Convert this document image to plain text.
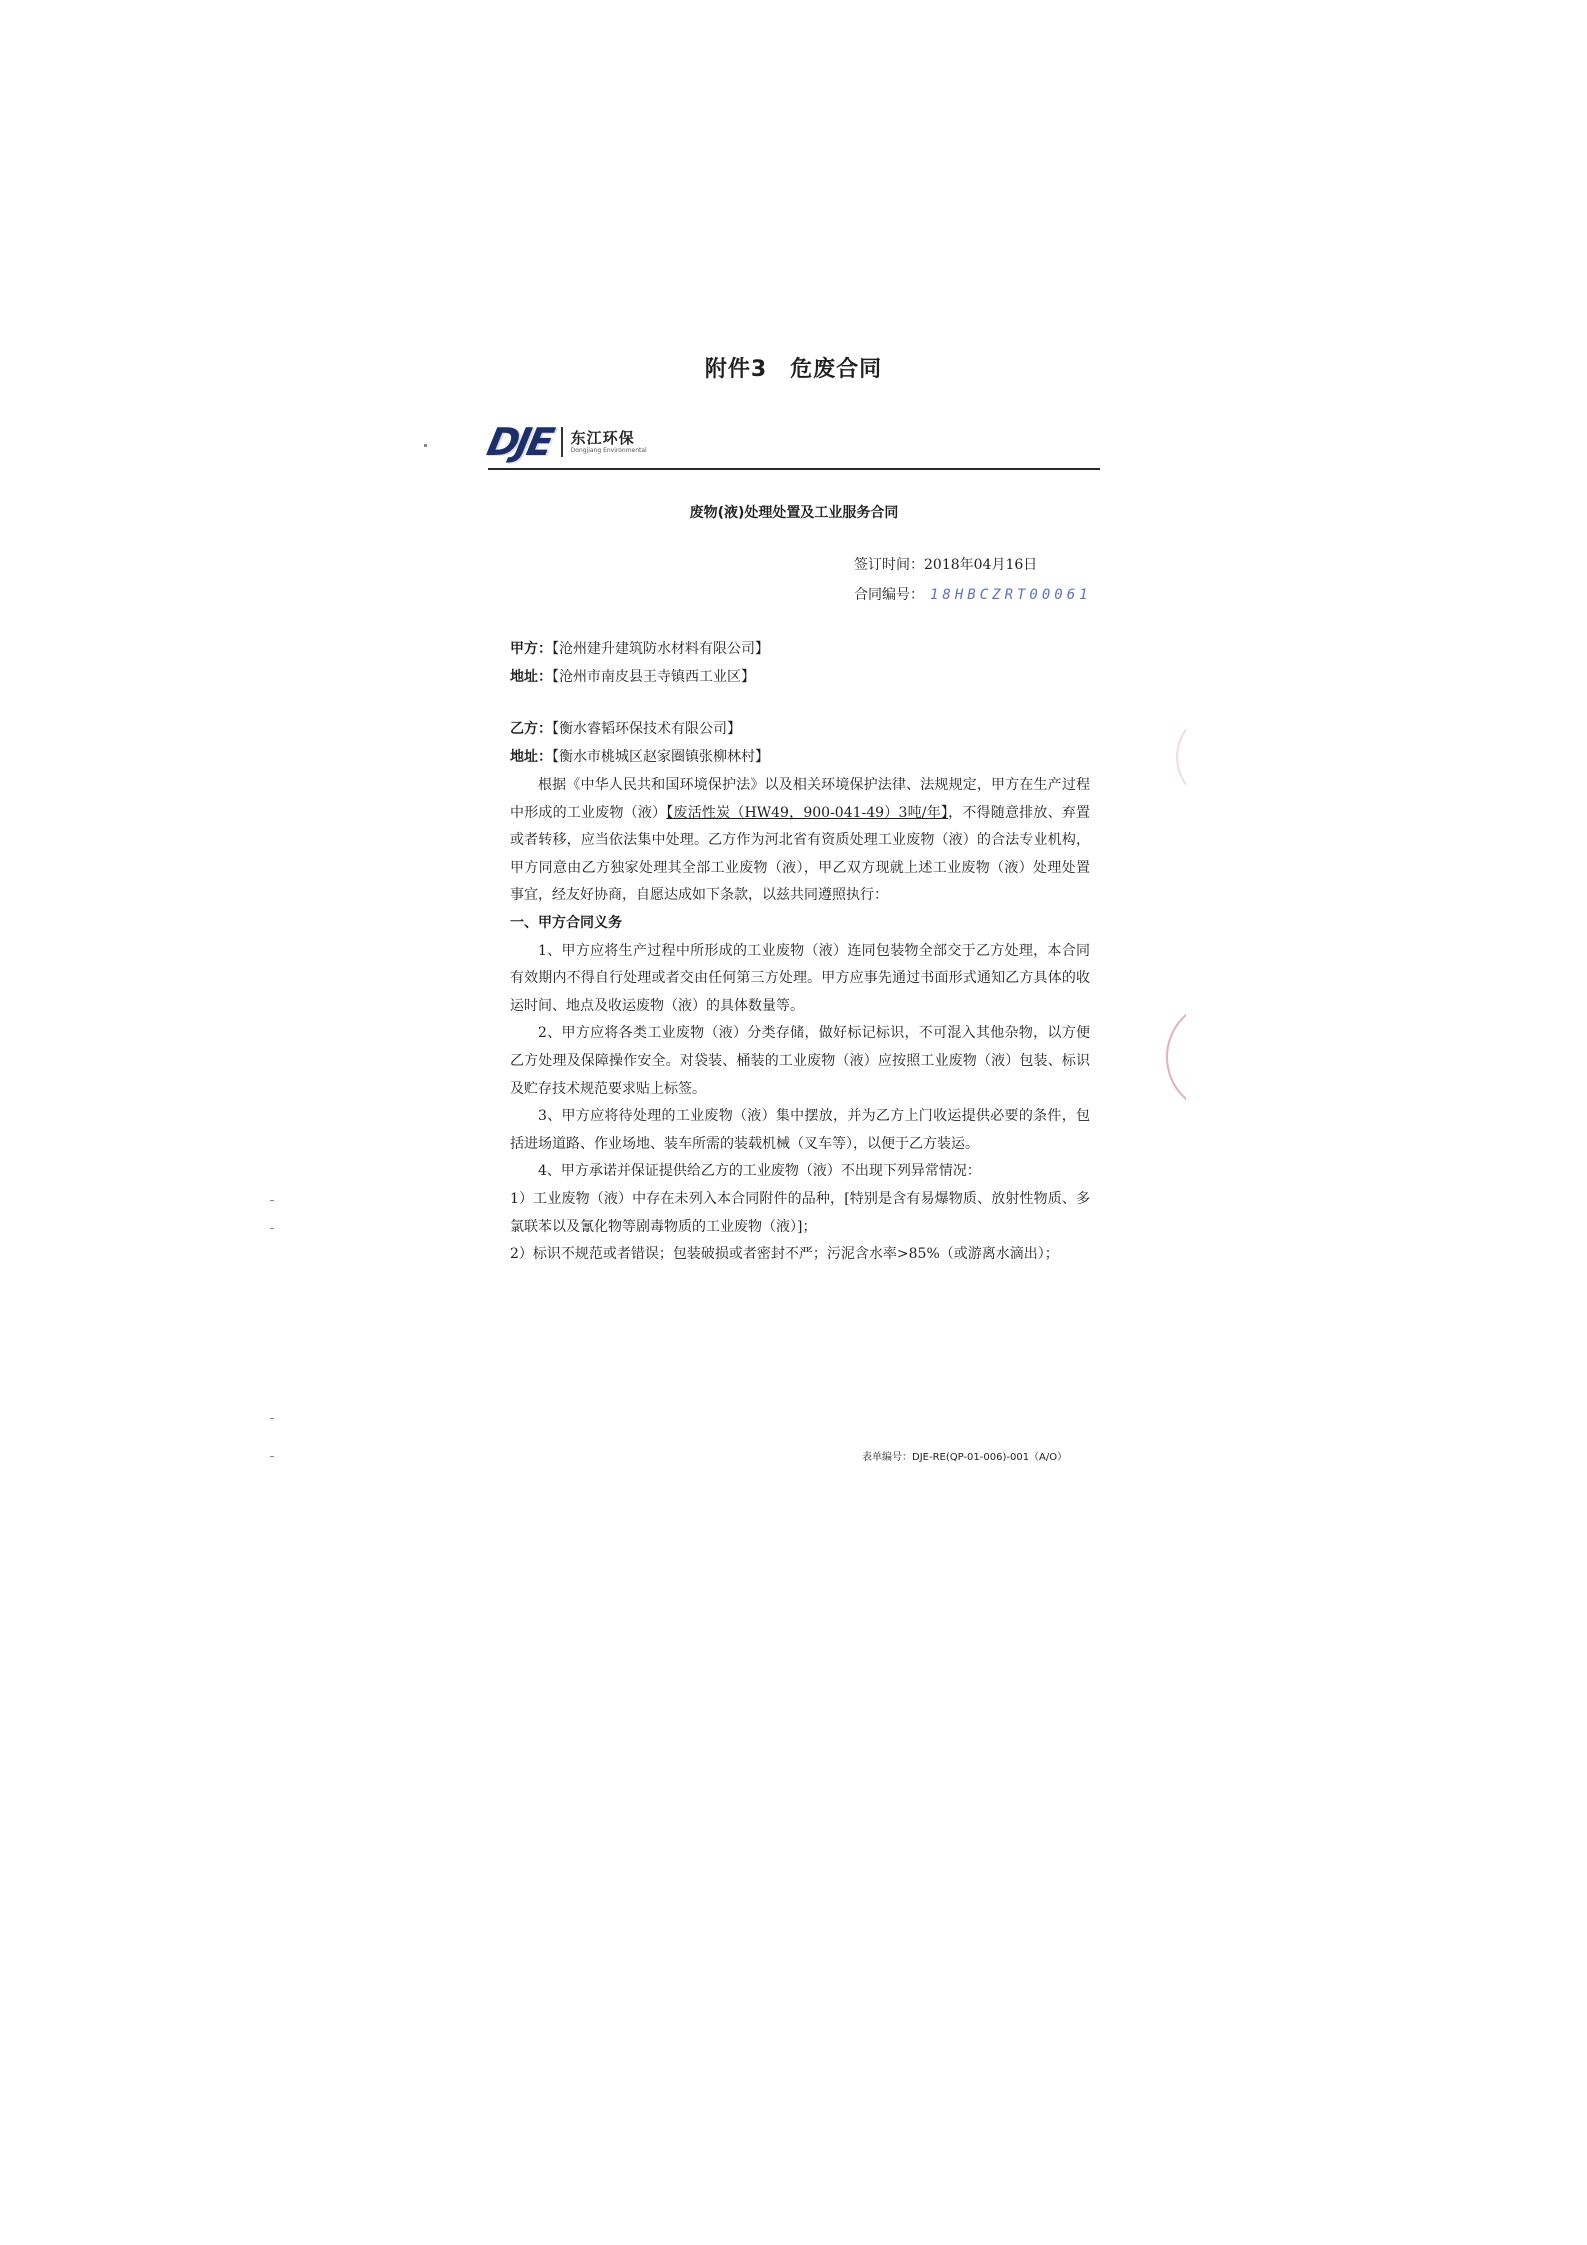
附件3　危废合同
DJE 东江环保
Dongjiang Environmental
废物(液)处理处置及工业服务合同
签订时间：2018年04月16日
合同编号： 18HBCZRT00061
甲方：【沧州建升建筑防水材料有限公司】
地址：【沧州市南皮县王寺镇西工业区】
乙方：【衡水睿韬环保技术有限公司】
地址：【衡水市桃城区赵家圈镇张柳林村】

根据《中华人民共和国环境保护法》以及相关环境保护法律、法规规定，甲方在生产过程中形成的工业废物（液）【废活性炭（HW49，900-041-49）3吨/年】，不得随意排放、弃置或者转移，应当依法集中处理。乙方作为河北省有资质处理工业废物（液）的合法专业机构，甲方同意由乙方独家处理其全部工业废物（液），甲乙双方现就上述工业废物（液）处理处置事宜，经友好协商，自愿达成如下条款，以兹共同遵照执行：

一、甲方合同义务

1、甲方应将生产过程中所形成的工业废物（液）连同包装物全部交于乙方处理，本合同有效期内不得自行处理或者交由任何第三方处理。甲方应事先通过书面形式通知乙方具体的收运时间、地点及收运废物（液）的具体数量等。

2、甲方应将各类工业废物（液）分类存储，做好标记标识，不可混入其他杂物，以方便乙方处理及保障操作安全。对袋装、桶装的工业废物（液）应按照工业废物（液）包装、标识及贮存技术规范要求贴上标签。

3、甲方应将待处理的工业废物（液）集中摆放，并为乙方上门收运提供必要的条件，包括进场道路、作业场地、装车所需的装载机械（叉车等），以便于乙方装运。

4、甲方承诺并保证提供给乙方的工业废物（液）不出现下列异常情况：

1）工业废物（液）中存在未列入本合同附件的品种，[特别是含有易爆物质、放射性物质、多氯联苯以及氰化物等剧毒物质的工业废物（液）]；

2）标识不规范或者错误；包装破损或者密封不严；污泥含水率>85%（或游离水滴出）；

表单编号：DJE-RE(QP-01-006)-001（A/O）
